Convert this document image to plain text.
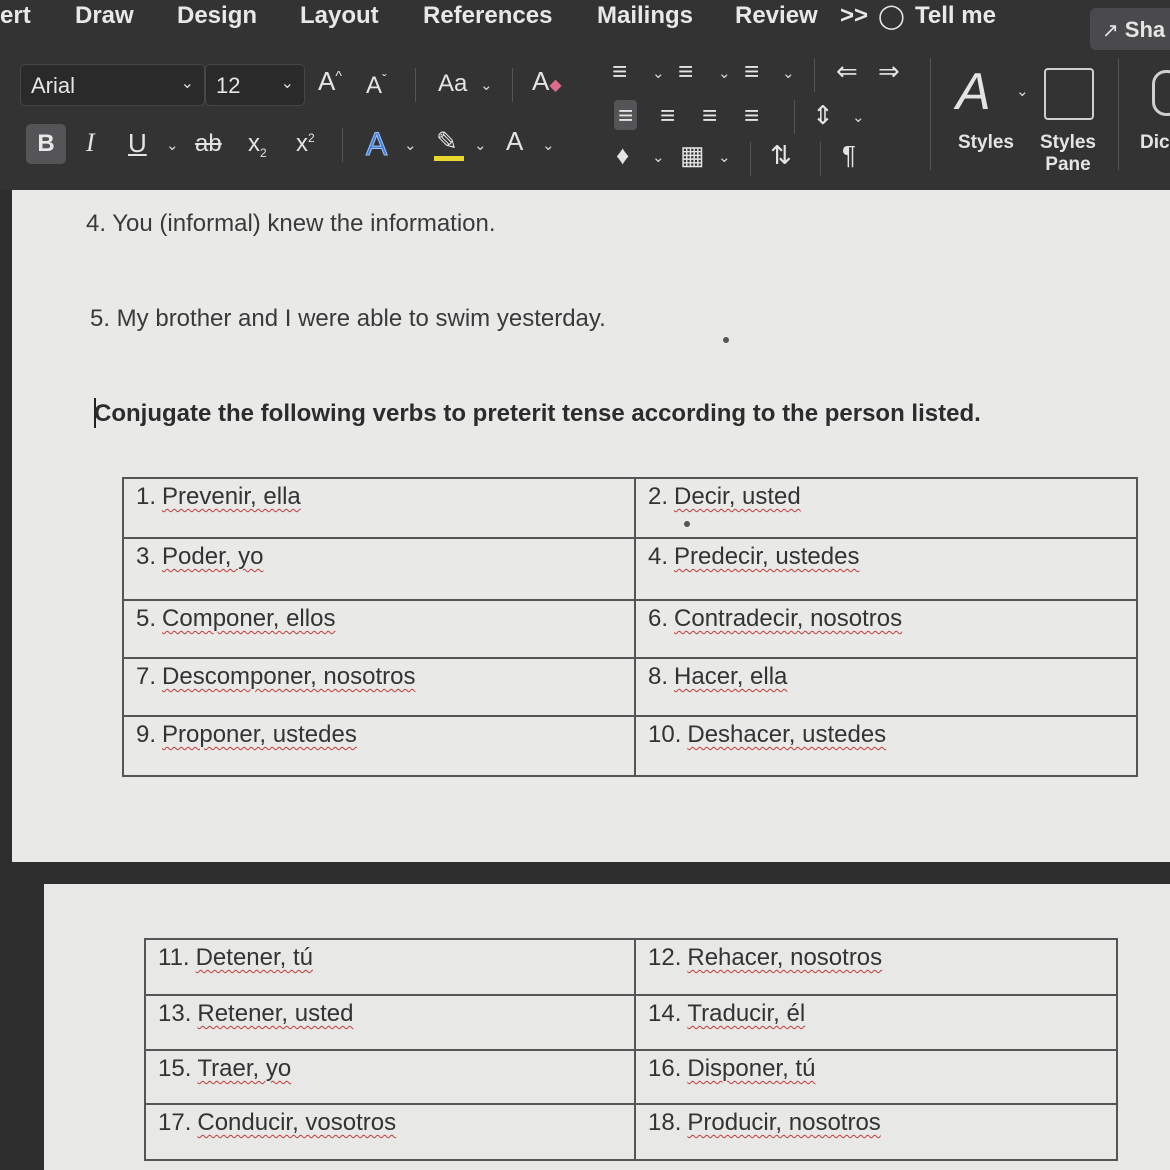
ert Draw Design Layout References Mailings Review >> ◯ Tell me
↗ Sha
Arial	⌄	12	⌄ A^ $A^ˇ$ Aa ⌄ A◆
B	I U ⌄ ab $x_2$ $x^2$ A ⌄ ✎ ⌄ A ⌄
≡ ⌄ ≡ ⌄ ≡ ⌄ ⇐ ⇒
≡ ≡ ≡ ≡ ⇕ ⌄
♦ ⌄ ▦ ⌄ ⇅ ¶
A ⌄
Styles Styles
Pane
Dic
4. You (informal) knew the information.
5. My brother and I were able to swim yesterday.
Conjugate the following verbs to preterit tense according to the person listed.
1. Prevenir, ella	2. Decir, usted
3. Poder, yo	4. Predecir, ustedes
5. Componer, ellos	6. Contradecir, nosotros
7. Descomponer, nosotros	8. Hacer, ella
9. Proponer, ustedes	10. Deshacer, ustedes
11. Detener, tú	12. Rehacer, nosotros
13. Retener, usted	14. Traducir, él
15. Traer, yo	16. Disponer, tú
17. Conducir, vosotros	18. Producir, nosotros
